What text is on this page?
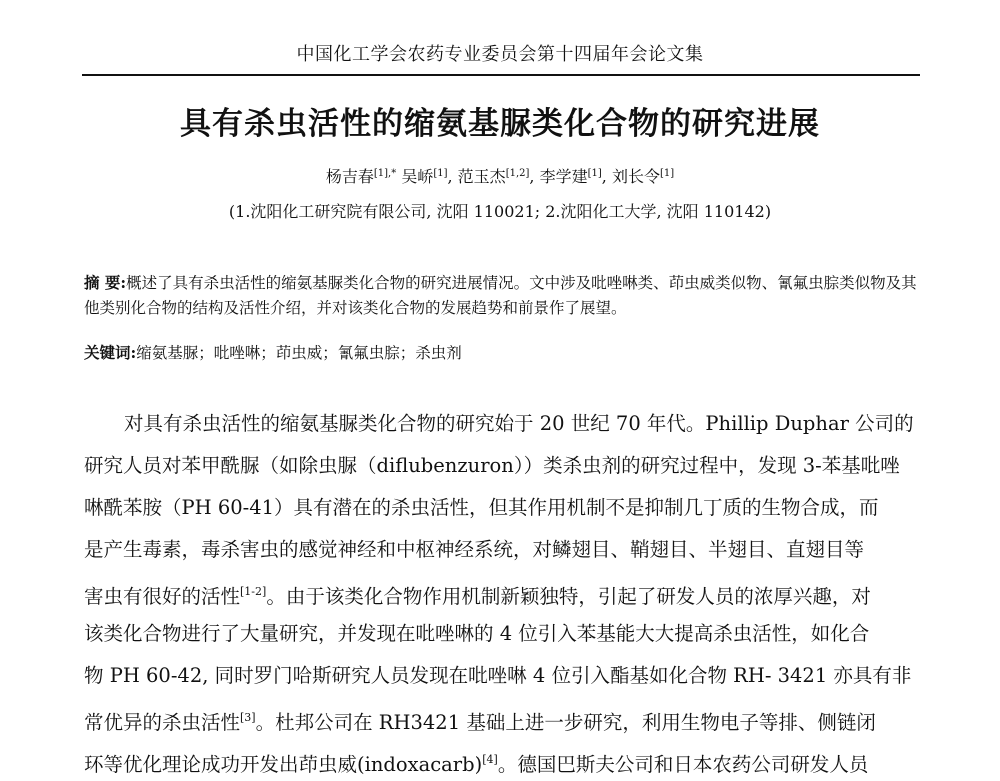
中国化工学会农药专业委员会第十四届年会论文集
具有杀虫活性的缩氨基脲类化合物的研究进展
杨吉春$^{[1],*}$ 吴峤[1], 范玉杰[1,2], 李学建[1], 刘长令[1]
(1.沈阳化工研究院有限公司, 沈阳 110021; 2.沈阳化工大学, 沈阳 110142)
摘 要:概述了具有杀虫活性的缩氨基脲类化合物的研究进展情况。文中涉及吡唑啉类、茚虫威类似物、氰氟虫腙类似物及其他类别化合物的结构及活性介绍，并对该类化合物的发展趋势和前景作了展望。
关键词:缩氨基脲；吡唑啉；茚虫威；氰氟虫腙；杀虫剂
对具有杀虫活性的缩氨基脲类化合物的研究始于 20 世纪 70 年代。Phillip Duphar 公司的
研究人员对苯甲酰脲（如除虫脲（diflubenzuron））类杀虫剂的研究过程中，发现 3-苯基吡唑
啉酰苯胺（PH 60-41）具有潜在的杀虫活性，但其作用机制不是抑制几丁质的生物合成，而
是产生毒素，毒杀害虫的感觉神经和中枢神经系统，对鳞翅目、鞘翅目、半翅目、直翅目等
害虫有很好的活性[1-2]。由于该类化合物作用机制新颖独特，引起了研发人员的浓厚兴趣，对
该类化合物进行了大量研究，并发现在吡唑啉的 4 位引入苯基能大大提高杀虫活性，如化合
物 PH 60-42, 同时罗门哈斯研究人员发现在吡唑啉 4 位引入酯基如化合物 RH- 3421 亦具有非
常优异的杀虫活性[3]。杜邦公司在 RH3421 基础上进一步研究，利用生物电子等排、侧链闭
环等优化理论成功开发出茚虫威(indoxacarb)[4]。德国巴斯夫公司和日本农药公司研发人员
